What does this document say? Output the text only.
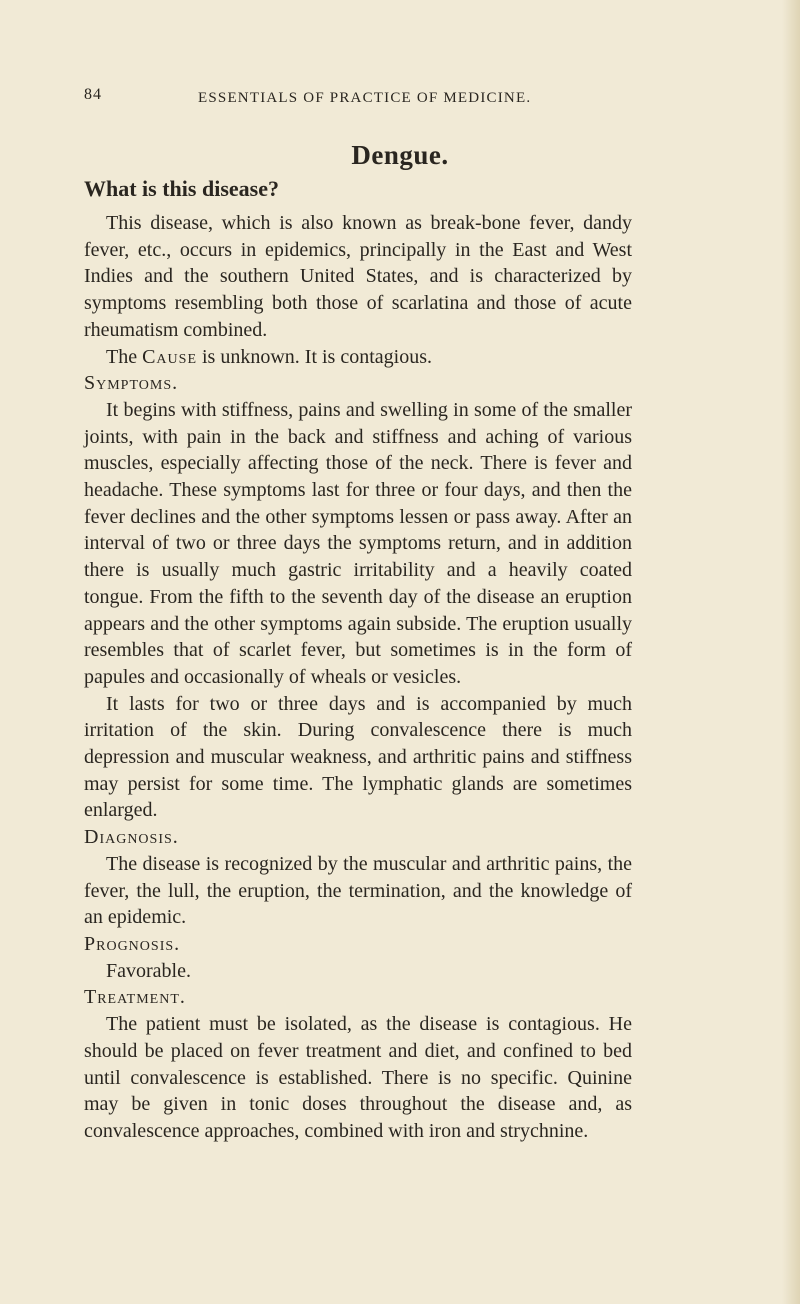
84	ESSENTIALS OF PRACTICE OF MEDICINE.
Dengue.
What is this disease?

This disease, which is also known as break-bone fever, dandy fever, etc., occurs in epidemics, principally in the East and West Indies and the southern United States, and is characterized by symptoms resembling both those of scarlatina and those of acute rheumatism combined.

The Cause is unknown. It is contagious.

Symptoms.

It begins with stiffness, pains and swelling in some of the smaller joints, with pain in the back and stiffness and aching of various muscles, especially affecting those of the neck. There is fever and headache. These symptoms last for three or four days, and then the fever declines and the other symptoms lessen or pass away. After an interval of two or three days the symptoms return, and in addition there is usually much gastric irritability and a heavily coated tongue. From the fifth to the seventh day of the disease an eruption appears and the other symptoms again subside. The eruption usually resembles that of scarlet fever, but sometimes is in the form of papules and occasionally of wheals or vesicles.

It lasts for two or three days and is accompanied by much irritation of the skin. During convalescence there is much depression and muscular weakness, and arthritic pains and stiffness may persist for some time. The lymphatic glands are sometimes enlarged.

Diagnosis.

The disease is recognized by the muscular and arthritic pains, the fever, the lull, the eruption, the termination, and the knowledge of an epidemic.

Prognosis.

Favorable.

Treatment.

The patient must be isolated, as the disease is contagious. He should be placed on fever treatment and diet, and confined to bed until convalescence is established. There is no specific. Quinine may be given in tonic doses throughout the disease and, as convalescence approaches, combined with iron and strychnine.
